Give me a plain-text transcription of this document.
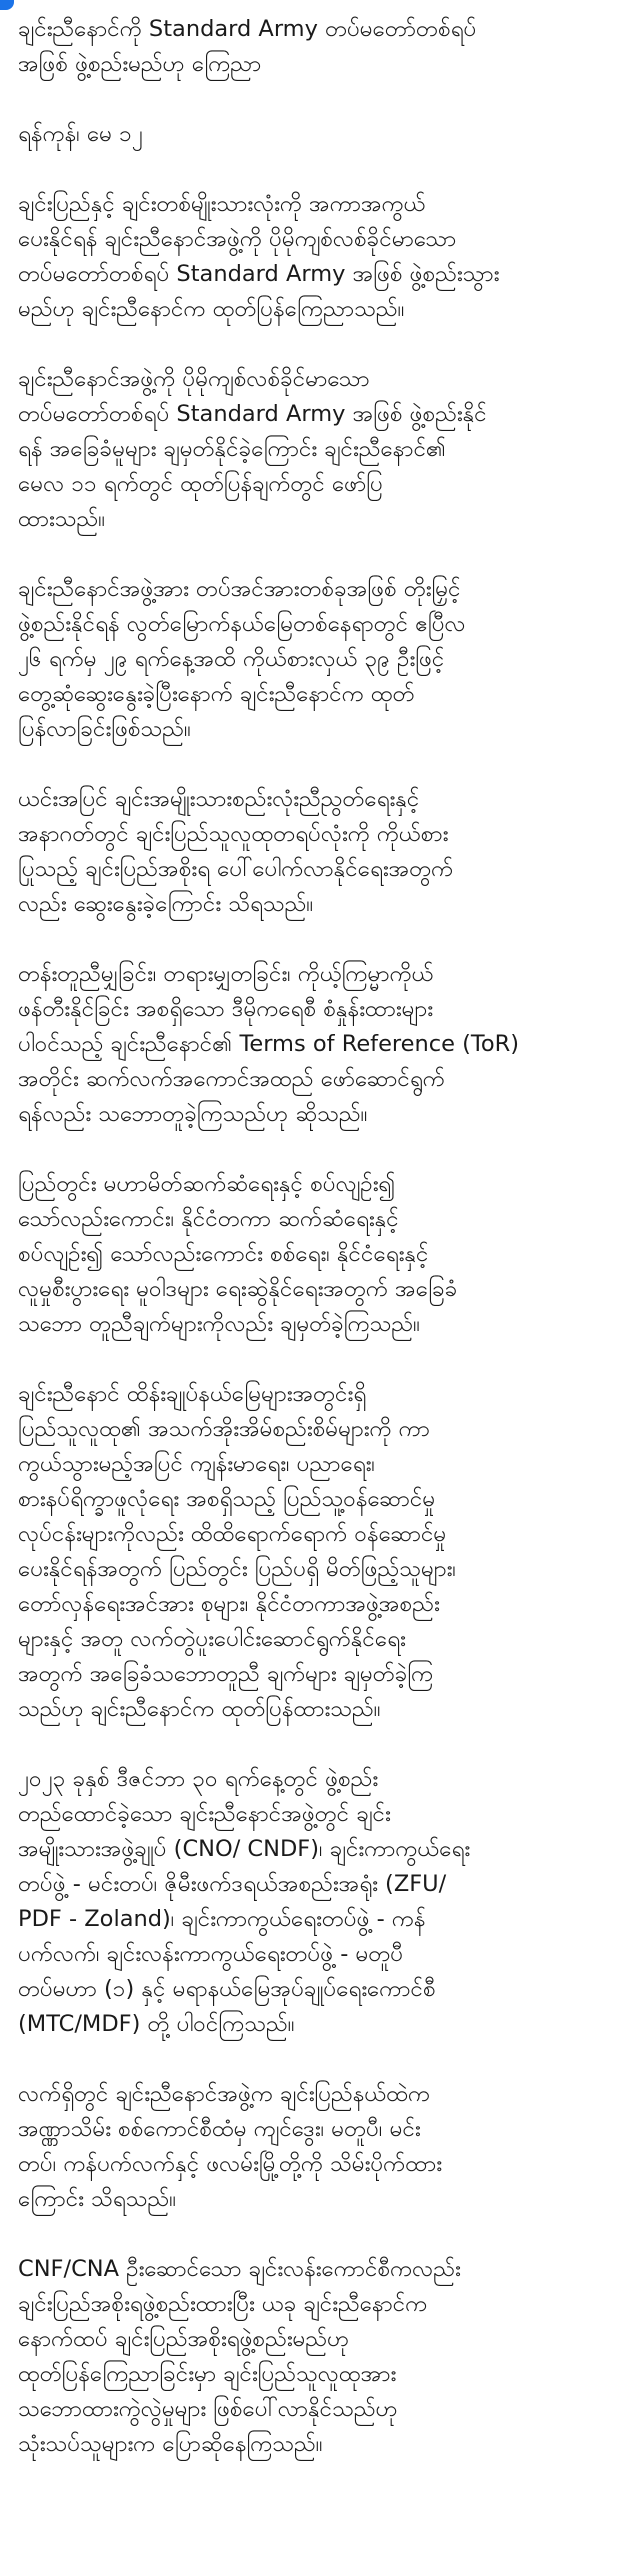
ချင်းညီနောင်ကို Standard Army တပ်မတော်တစ်ရပ်
အဖြစ် ဖွဲ့စည်းမည်ဟု ကြေညာ

ရန်ကုန်၊ မေ ၁၂

ချင်းပြည်နှင့် ချင်းတစ်မျိုးသားလုံးကို အကာအကွယ်
ပေးနိုင်ရန် ချင်းညီနောင်အဖွဲ့ကို ပိုမိုကျစ်လစ်ခိုင်မာသော
တပ်မတော်တစ်ရပ် Standard Army အဖြစ် ဖွဲ့စည်းသွား
မည်ဟု ချင်းညီနောင်က ထုတ်ပြန်ကြေညာသည်။

ချင်းညီနောင်အဖွဲ့ကို ပိုမိုကျစ်လစ်ခိုင်မာသော
တပ်မတော်တစ်ရပ် Standard Army အဖြစ် ဖွဲ့စည်းနိုင်
ရန် အခြေခံမူများ ချမှတ်နိုင်ခဲ့ကြောင်း ချင်းညီနောင်၏
မေလ ၁၁ ရက်တွင် ထုတ်ပြန်ချက်တွင် ဖော်ပြ
ထားသည်။

ချင်းညီနောင်အဖွဲ့အား တပ်အင်အားတစ်ခုအဖြစ် တိုးမြှင့်
ဖွဲ့စည်းနိုင်ရန် လွတ်မြောက်နယ်မြေတစ်နေရာတွင် ဧပြီလ
၂၆ ရက်မှ ၂၉ ရက်နေ့အထိ ကိုယ်စားလှယ် ၃၉ ဦးဖြင့်
တွေ့ဆုံဆွေးနွေးခဲ့ပြီးနောက် ချင်းညီနောင်က ထုတ်
ပြန်လာခြင်းဖြစ်သည်။

ယင်းအပြင် ချင်းအမျိုးသားစည်းလုံးညီညွတ်ရေးနှင့်
အနာဂတ်တွင် ချင်းပြည်သူလူထုတရပ်လုံးကို ကိုယ်စား
ပြုသည့် ချင်းပြည်အစိုးရ ပေါ်ပေါက်လာနိုင်ရေးအတွက်
လည်း ဆွေးနွေးခဲ့ကြောင်း သိရသည်။

တန်းတူညီမျှခြင်း၊ တရားမျှတခြင်း၊ ကိုယ့်ကြမ္မာကိုယ်
ဖန်တီးနိုင်ခြင်း အစရှိသော ဒီမိုကရေစီ စံနှုန်းထားများ
ပါဝင်သည့် ချင်းညီနောင်၏ Terms of Reference (ToR)
အတိုင်း ဆက်လက်အကောင်အထည် ဖော်ဆောင်ရွက်
ရန်လည်း သဘောတူခဲ့ကြသည်ဟု ဆိုသည်။

ပြည်တွင်း မဟာမိတ်ဆက်ဆံရေးနှင့် စပ်လျဉ်း၍
သော်လည်းကောင်း၊ နိုင်ငံတကာ ဆက်ဆံရေးနှင့်
စပ်လျဉ်း၍ သော်လည်းကောင်း စစ်ရေး၊ နိုင်ငံရေးနှင့်
လူမှုစီးပွားရေး မူဝါဒများ ရေးဆွဲနိုင်ရေးအတွက် အခြေခံ
သဘော တူညီချက်များကိုလည်း ချမှတ်ခဲ့ကြသည်။

ချင်းညီနောင် ထိန်းချုပ်နယ်မြေများအတွင်းရှိ
ပြည်သူလူထု၏ အသက်အိုးအိမ်စည်းစိမ်များကို ကာ
ကွယ်သွားမည့်အပြင် ကျန်းမာရေး၊ ပညာရေး၊
စားနပ်ရိက္ခာဖူလုံရေး အစရှိသည့် ပြည်သူ့ဝန်ဆောင်မှု
လုပ်ငန်းများကိုလည်း ထိထိရောက်ရောက် ဝန်ဆောင်မှု
ပေးနိုင်ရန်အတွက် ပြည်တွင်း ပြည်ပရှိ မိတ်ဖြည့်သူများ၊
တော်လှန်ရေးအင်အား စုများ၊ နိုင်ငံတကာအဖွဲ့အစည်း
များနှင့် အတူ လက်တွဲပူးပေါင်းဆောင်ရွက်နိုင်ရေး
အတွက် အခြေခံသဘောတူညီ ချက်များ ချမှတ်ခဲ့ကြ
သည်ဟု ချင်းညီနောင်က ထုတ်ပြန်ထားသည်။

၂၀၂၃ ခုနှစ် ဒီဇင်ဘာ ၃၀ ရက်နေ့တွင် ဖွဲ့စည်း
တည်ထောင်ခဲ့သော ချင်းညီနောင်အဖွဲ့တွင် ချင်း
အမျိုးသားအဖွဲ့ချုပ် (CNO/ CNDF)၊ ချင်းကာကွယ်ရေး
တပ်ဖွဲ့ - မင်းတပ်၊ ဇိုမီးဖက်ဒရယ်အစည်းအရုံး (ZFU/
PDF - Zoland)၊ ချင်းကာကွယ်ရေးတပ်ဖွဲ့ - ကန်
ပက်လက်၊ ချင်းလန်းကာကွယ်ရေးတပ်ဖွဲ့ - မတူပီ
တပ်မဟာ (၁) နှင့် မရာနယ်မြေအုပ်ချုပ်ရေးကောင်စီ
(MTC/MDF) တို့ ပါဝင်ကြသည်။

လက်ရှိတွင် ချင်းညီနောင်အဖွဲ့က ချင်းပြည်နယ်ထဲက
အဏ္ဏာသိမ်း စစ်ကောင်စီထံမှ ကျင်ဒွေး၊ မတူပီ၊ မင်း
တပ်၊ ကန်ပက်လက်နှင့် ဖလမ်းမြို့တို့ကို သိမ်းပိုက်ထား
ကြောင်း သိရသည်။

CNF/CNA ဦးဆောင်သော ချင်းလန်းကောင်စီကလည်း
ချင်းပြည်အစိုးရဖွဲ့စည်းထားပြီး ယခု ချင်းညီနောင်က
နောက်ထပ် ချင်းပြည်အစိုးရဖွဲ့စည်းမည်ဟု
ထုတ်ပြန်ကြေညာခြင်းမှာ ချင်းပြည်သူလူထုအား
သဘောထားကွဲလွဲမှုများ ဖြစ်ပေါ်လာနိုင်သည်ဟု
သုံးသပ်သူများက ပြောဆိုနေကြသည်။
